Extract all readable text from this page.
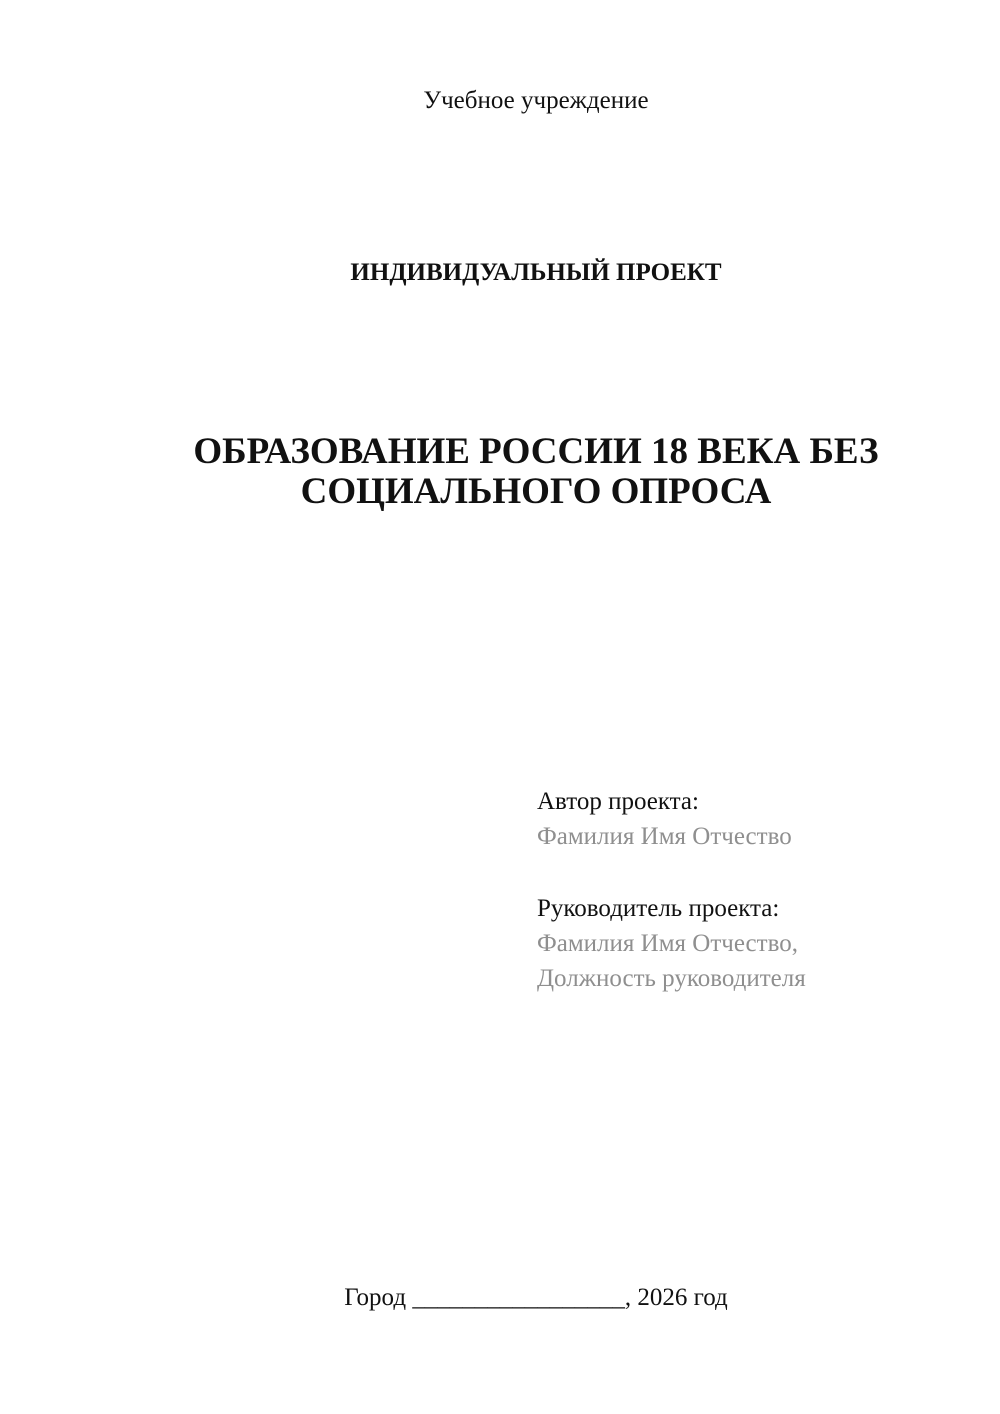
Учебное учреждение
ИНДИВИДУАЛЬНЫЙ ПРОЕКТ
ОБРАЗОВАНИЕ РОССИИ 18 ВЕКА БЕЗ
СОЦИАЛЬНОГО ОПРОСА
Автор проекта:
Фамилия Имя Отчество
Руководитель проекта:
Фамилия Имя Отчество,
Должность руководителя
Город _________________, 2026 год
